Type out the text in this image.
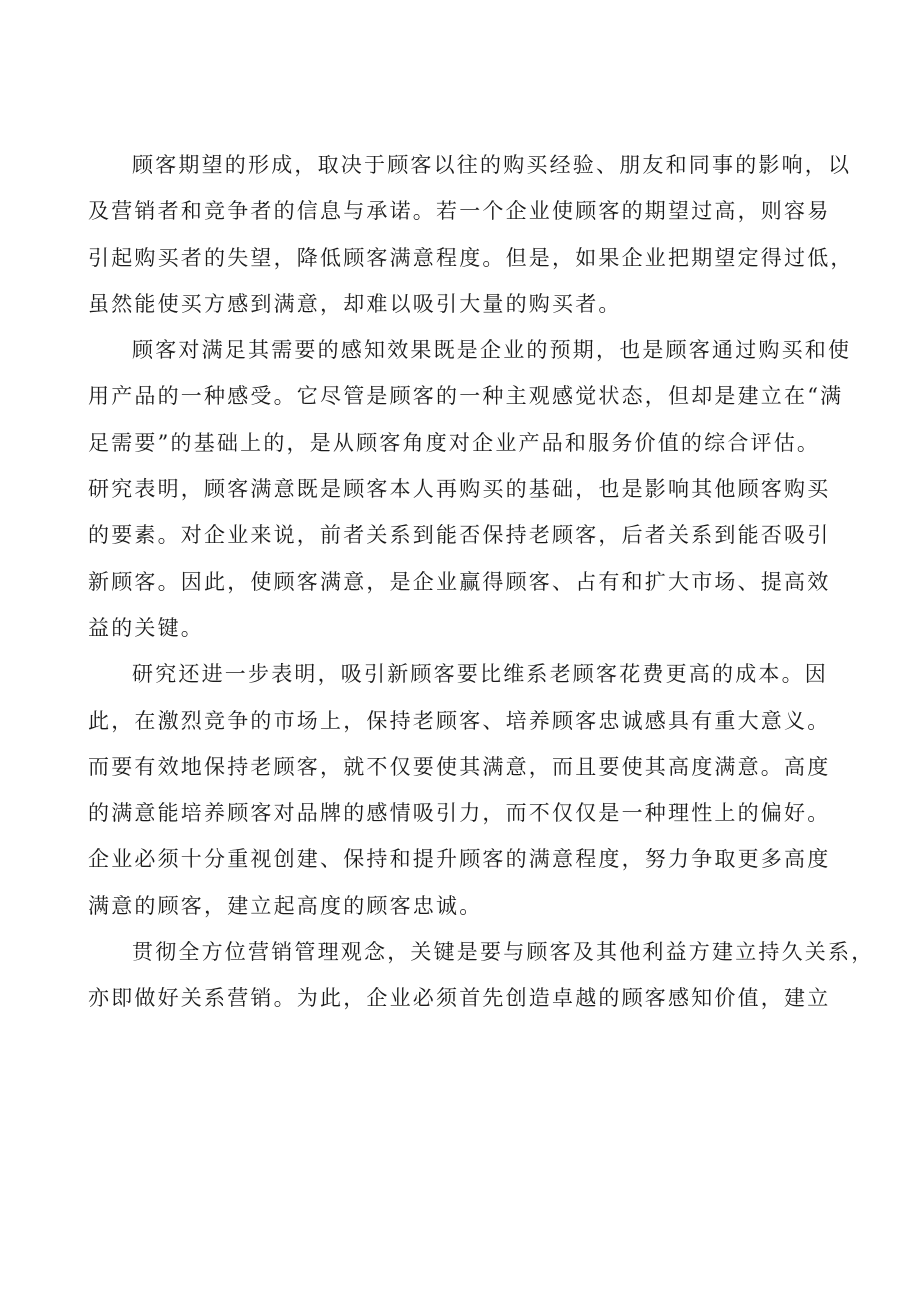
顾客期望的形成，取决于顾客以往的购买经验、朋友和同事的影响，以
及营销者和竞争者的信息与承诺。若一个企业使顾客的期望过高，则容易
引起购买者的失望，降低顾客满意程度。但是，如果企业把期望定得过低，
虽然能使买方感到满意，却难以吸引大量的购买者。

顾客对满足其需要的感知效果既是企业的预期，也是顾客通过购买和使
用产品的一种感受。它尽管是顾客的一种主观感觉状态，但却是建立在“满
足需要”的基础上的，是从顾客角度对企业产品和服务价值的综合评估。
研究表明，顾客满意既是顾客本人再购买的基础，也是影响其他顾客购买
的要素。对企业来说，前者关系到能否保持老顾客，后者关系到能否吸引
新顾客。因此，使顾客满意，是企业赢得顾客、占有和扩大市场、提高效
益的关键。

研究还进一步表明，吸引新顾客要比维系老顾客花费更高的成本。因
此，在激烈竞争的市场上，保持老顾客、培养顾客忠诚感具有重大意义。
而要有效地保持老顾客，就不仅要使其满意，而且要使其高度满意。高度
的满意能培养顾客对品牌的感情吸引力，而不仅仅是一种理性上的偏好。
企业必须十分重视创建、保持和提升顾客的满意程度，努力争取更多高度
满意的顾客，建立起高度的顾客忠诚。

贯彻全方位营销管理观念，关键是要与顾客及其他利益方建立持久关系，
亦即做好关系营销。为此，企业必须首先创造卓越的顾客感知价值，建立
